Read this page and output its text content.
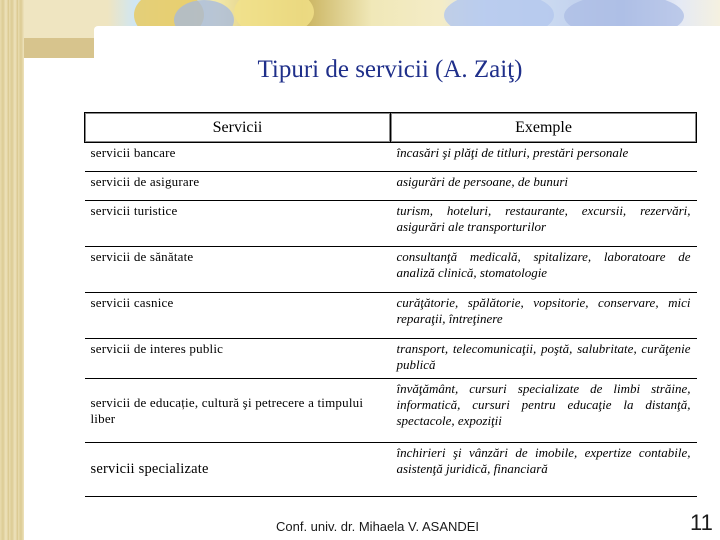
Tipuri de servicii (A. Zaiţ)
Servicii	Exemple
servicii bancare	încasări şi plăţi de titluri, prestări personale
servicii de asigurare	asigurări de persoane, de bunuri
servicii turistice	turism, hoteluri, restaurante, excursii, rezervări, asigurări ale transporturilor
servicii de sănătate	consultanţă medicală, spitalizare, laboratoare de analiză clinică, stomatologie
servicii casnice	curăţătorie, spălătorie, vopsitorie, conservare, mici reparaţii, întreţinere
servicii de interes public	transport, telecomunicaţii, poştă, salubritate, curăţenie publică
servicii de educație, cultură şi petrecere a timpului liber	învăţământ, cursuri specializate de limbi străine, informatică, cursuri pentru educaţie la distanţă, spectacole, expoziţii
servicii specializate	închirieri şi vânzări de imobile, expertize contabile, asistenţă juridică, financiară
Conf. univ. dr. Mihaela V. ASANDEI	11
